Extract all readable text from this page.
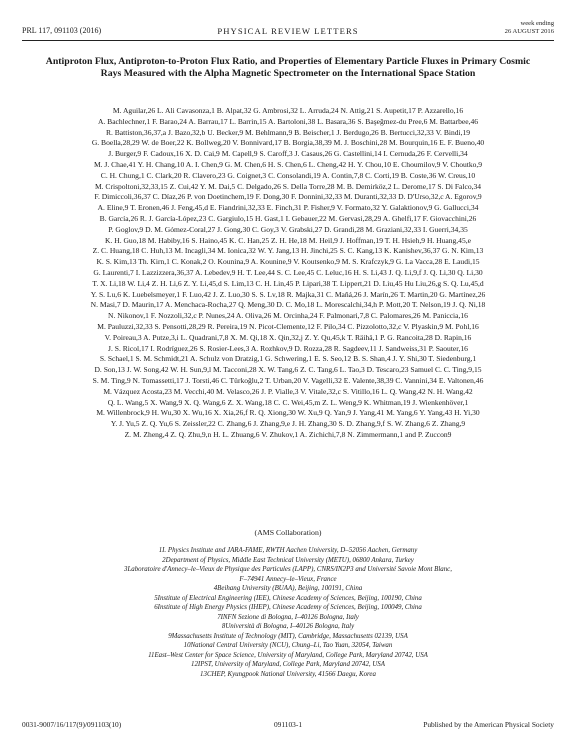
PRL 117, 091103 (2016)	PHYSICAL REVIEW LETTERS
week ending
26 AUGUST 2016
Antiproton Flux, Antiproton-to-Proton Flux Ratio, and Properties of Elementary Particle Fluxes in Primary Cosmic Rays Measured with the Alpha Magnetic Spectrometer on the International Space Station
M. Aguilar,26 L. Ali Cavasonza,1 B. Alpat,32 G. Ambrosi,32 L. Arruda,24 N. Attig,21 S. Aupetit,17 P. Azzarello,16
A. Bachlechner,1 F. Barao,24 A. Barrau,17 L. Barrin,15 A. Bartoloni,38 L. Basara,36 S. Başeğmez-du Pree,6 M. Battarbee,46
R. Battiston,36,37,a J. Bazo,32,b U. Becker,9 M. Behlmann,9 B. Beischer,1 J. Berdugo,26 B. Bertucci,32,33 V. Bindi,19
G. Boella,28,29 W. de Boer,22 K. Bollweg,20 V. Bonnivard,17 B. Borgia,38,39 M. J. Boschini,28 M. Bourquin,16 E. F. Bueno,40
J. Burger,9 F. Cadoux,16 X. D. Cai,9 M. Capell,9 S. Caroff,3 J. Casaus,26 G. Castellini,14 I. Cernuda,26 F. Cervelli,34
M. J. Chae,41 Y. H. Chang,10 A. I. Chen,9 G. M. Chen,6 H. S. Chen,6 L. Cheng,42 H. Y. Chou,10 E. Choumilov,9 V. Choutko,9
C. H. Chung,1 C. Clark,20 R. Clavero,23 G. Coignet,3 C. Consolandi,19 A. Contin,7,8 C. Corti,19 B. Coste,36 W. Creus,10
M. Crispoltoni,32,33,15 Z. Cui,42 Y. M. Dai,5 C. Delgado,26 S. Della Torre,28 M. B. Demirköz,2 L. Derome,17 S. Di Falco,34
F. Dimiccoli,36,37 C. Díaz,26 P. von Doetinchem,19 F. Dong,30 F. Donnini,32,33 M. Duranti,32,33 D. D'Urso,32,c A. Egorov,9
A. Eline,9 T. Eronen,46 J. Feng,45,d E. Fiandrini,32,33 E. Finch,31 P. Fisher,9 V. Formato,32 Y. Galaktionov,9 G. Gallucci,34
B. García,26 R. J. García-López,23 C. Gargiulo,15 H. Gast,1 I. Gebauer,22 M. Gervasi,28,29 A. Ghelfi,17 F. Giovacchini,26
P. Goglov,9 D. M. Gómez-Coral,27 J. Gong,30 C. Goy,3 V. Grabski,27 D. Grandi,28 M. Graziani,32,33 I. Guerri,34,35
K. H. Guo,18 M. Habiby,16 S. Haino,45 K. C. Han,25 Z. H. He,18 M. Heil,9 J. Hoffman,19 T. H. Hsieh,9 H. Huang,45,e
Z. C. Huang,18 C. Huh,13 M. Incagli,34 M. Ionica,32 W. Y. Jang,13 H. Jinchi,25 S. C. Kang,13 K. Kanishev,36,37 G. N. Kim,13
K. S. Kim,13 Th. Kirn,1 C. Konak,2 O. Kounina,9 A. Kounine,9 V. Koutsenko,9 M. S. Krafczyk,9 G. La Vacca,28 E. Laudi,15
G. Laurenti,7 I. Lazzizzera,36,37 A. Lebedev,9 H. T. Lee,44 S. C. Lee,45 C. Leluc,16 H. S. Li,43 J. Q. Li,9,f J. Q. Li,30 Q. Li,30
T. X. Li,18 W. Li,4 Z. H. Li,6 Z. Y. Li,45,d S. Lim,13 C. H. Lin,45 P. Lipari,38 T. Lippert,21 D. Liu,45 Hu Liu,26,g S. Q. Lu,45,d
Y. S. Lu,6 K. Luebelsmeyer,1 F. Luo,42 J. Z. Luo,30 S. S. Lv,18 R. Majka,31 C. Mañá,26 J. Marín,26 T. Martin,20 G. Martínez,26
N. Masi,7 D. Maurin,17 A. Menchaca-Rocha,27 Q. Meng,30 D. C. Mo,18 L. Morescalchi,34,h P. Mott,20 T. Nelson,19 J. Q. Ni,18
N. Nikonov,1 F. Nozzoli,32,c P. Nunes,24 A. Oliva,26 M. Orcinha,24 F. Palmonari,7,8 C. Palomares,26 M. Paniccia,16
M. Pauluzzi,32,33 S. Pensotti,28,29 R. Pereira,19 N. Picot-Clemente,12 F. Pilo,34 C. Pizzolotto,32,c V. Plyaskin,9 M. Pohl,16
V. Poireau,3 A. Putze,3,i L. Quadrani,7,8 X. M. Qi,18 X. Qin,32,j Z. Y. Qu,45,k T. Räihä,1 P. G. Rancoita,28 D. Rapin,16
J. S. Ricol,17 I. Rodríguez,26 S. Rosier-Lees,3 A. Rozhkov,9 D. Rozza,28 R. Sagdeev,11 J. Sandweiss,31 P. Saouter,16
S. Schael,1 S. M. Schmidt,21 A. Schulz von Dratzig,1 G. Schwering,1 E. S. Seo,12 B. S. Shan,4 J. Y. Shi,30 T. Siedenburg,1
D. Son,13 J. W. Song,42 W. H. Sun,9,l M. Tacconi,28 X. W. Tang,6 Z. C. Tang,6 L. Tao,3 D. Tescaro,23 Samuel C. C. Ting,9,15
S. M. Ting,9 N. Tomassetti,17 J. Torsti,46 C. Türkoğlu,2 T. Urban,20 V. Vagelli,32 E. Valente,38,39 C. Vannini,34 E. Valtonen,46
M. Vázquez Acosta,23 M. Vecchi,40 M. Velasco,26 J. P. Vialle,3 V. Vitale,32,c S. Vitillo,16 L. Q. Wang,42 N. H. Wang,42
Q. L. Wang,5 X. Wang,9 X. Q. Wang,6 Z. X. Wang,18 C. C. Wei,45,m Z. L. Weng,9 K. Whitman,19 J. Wienkenhöver,1
M. Willenbrock,9 H. Wu,30 X. Wu,16 X. Xia,26,f R. Q. Xiong,30 W. Xu,9 Q. Yan,9 J. Yang,41 M. Yang,6 Y. Yang,43 H. Yi,30
Y. J. Yu,5 Z. Q. Yu,6 S. Zeissler,22 C. Zhang,6 J. Zhang,9,e J. H. Zhang,30 S. D. Zhang,9,f S. W. Zhang,6 Z. Zhang,9
Z. M. Zheng,4 Z. Q. Zhu,9,n H. L. Zhuang,6 V. Zhukov,1 A. Zichichi,7,8 N. Zimmermann,1 and P. Zuccon9
(AMS Collaboration)
1I. Physics Institute and JARA-FAME, RWTH Aachen University, D–52056 Aachen, Germany
2Department of Physics, Middle East Technical University (METU), 06800 Ankara, Turkey
3Laboratoire d'Annecy–le–Vieux de Physique des Particules (LAPP), CNRS/IN2P3 and Université Savoie Mont Blanc,
F–74941 Annecy–le–Vieux, France
4Beihang University (BUAA), Beijing, 100191, China
5Institute of Electrical Engineering (IEE), Chinese Academy of Sciences, Beijing, 100190, China
6Institute of High Energy Physics (IHEP), Chinese Academy of Sciences, Beijing, 100049, China
7INFN Sezione di Bologna, I–40126 Bologna, Italy
8Università di Bologna, I–40126 Bologna, Italy
9Massachusetts Institute of Technology (MIT), Cambridge, Massachusetts 02139, USA
10National Central University (NCU), Chung–Li, Tao Yuan, 32054, Taiwan
11East–West Center for Space Science, University of Maryland, College Park, Maryland 20742, USA
12IPST, University of Maryland, College Park, Maryland 20742, USA
13CHEP, Kyungpook National University, 41566 Daegu, Korea
0031-9007/16/117(9)/091103(10)	091103-1	Published by the American Physical Society
